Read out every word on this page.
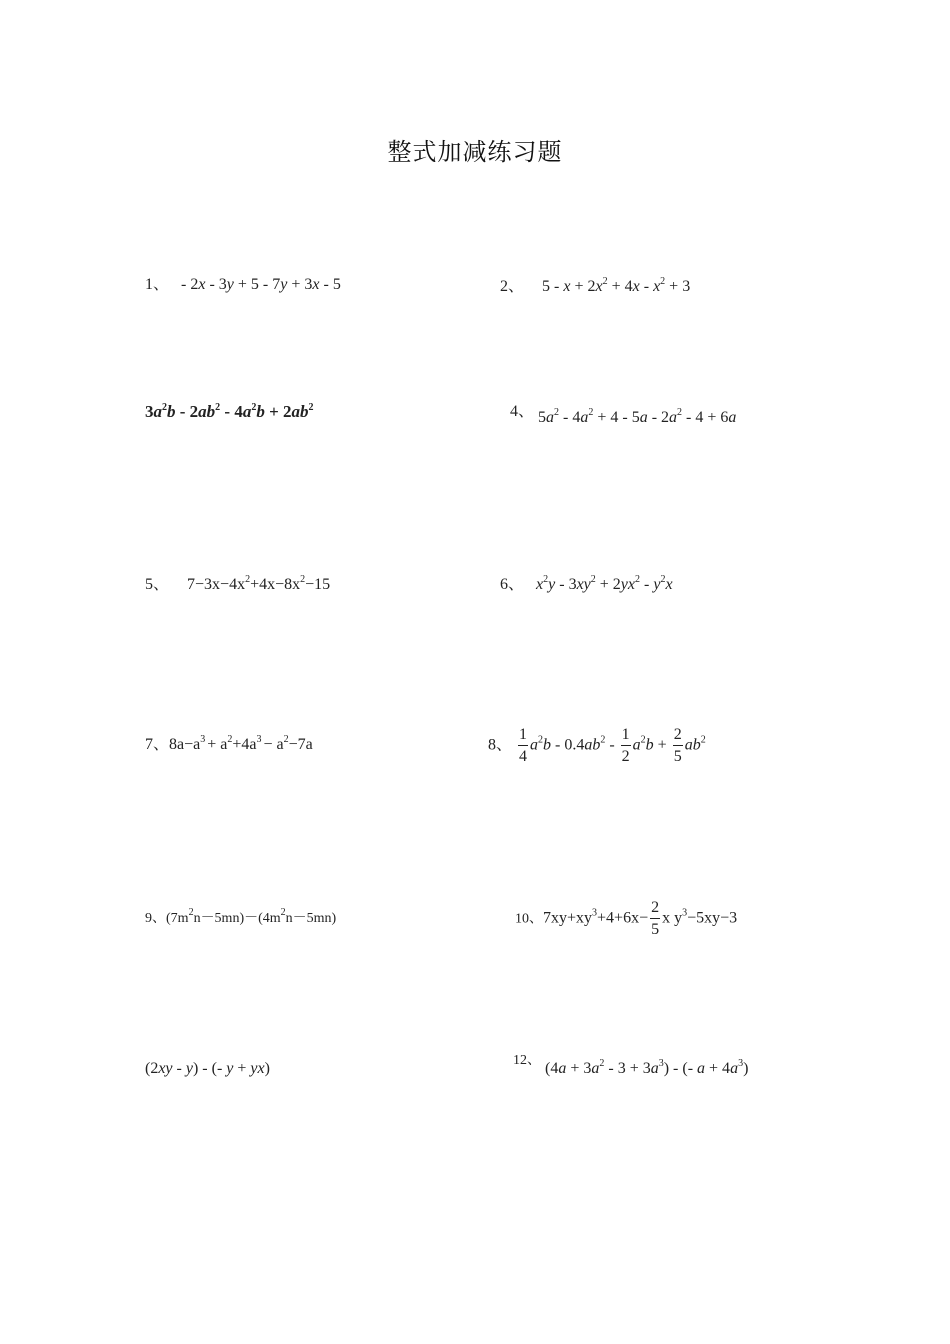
整式加减练习题
1、 - 2x - 3y + 5 - 7y + 3x - 5	2、 $5 - x + 2x^2 + 4x - x^2 + 3$
$3a^2b - 2ab^2 - 4a^2b + 2ab^2$	4、 $5a^2 - 4a^2 + 4 - 5a - 2a^2 - 4 + 6a$
5、 $7-3x-4x^2+4x-8x^2-15$	6、 $x^2y - 3xy^2 + 2yx^2 - y^2x$
7、$8a-a^3 + a^2+4a^3 - a^2-7a$	8、 $\frac{1}{4} a^2b - 0.4ab^2 - \frac{1}{2} a^2b + \frac{2}{5} ab^2$
9、$(7m^2n-5mn)-(4m^2n-5mn)$	10、$7xy+xy^3+4+6x- \frac{2}{5}$ x $y^3-5xy-3$
(2xy - y) - (- y + yx)	12、 $(4a + 3a^2 - 3 + 3a^3)$ - (- $a + 4a^3$)
